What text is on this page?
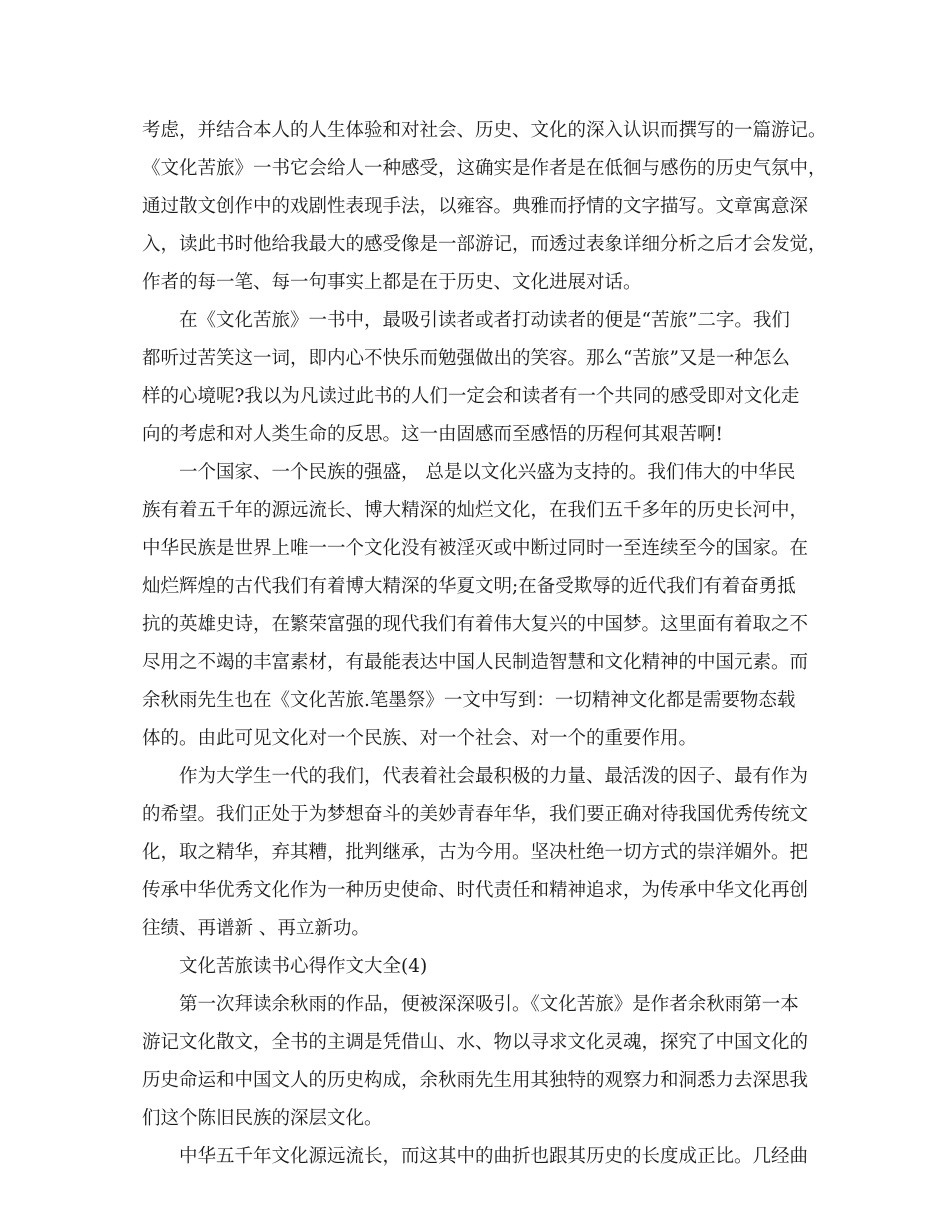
考虑，并结合本人的人生体验和对社会、历史、文化的深入认识而撰写的一篇游记。
《文化苦旅》一书它会给人一种感受，这确实是作者是在低徊与感伤的历史气氛中，
通过散文创作中的戏剧性表现手法，以雍容。典雅而抒情的文字描写。文章寓意深
入，读此书时他给我最大的感受像是一部游记，而透过表象详细分析之后才会发觉，
作者的每一笔、每一句事实上都是在于历史、文化进展对话。
在《文化苦旅》一书中，最吸引读者或者打动读者的便是“苦旅”二字。我们
都听过苦笑这一词，即内心不快乐而勉强做出的笑容。那么“苦旅”又是一种怎么
样的心境呢?我以为凡读过此书的人们一定会和读者有一个共同的感受即对文化走
向的考虑和对人类生命的反思。这一由固感而至感悟的历程何其艰苦啊!
一个国家、一个民族的强盛， 总是以文化兴盛为支持的。我们伟大的中华民
族有着五千年的源远流长、博大精深的灿烂文化，在我们五千多年的历史长河中，
中华民族是世界上唯一一个文化没有被淫灭或中断过同时一至连续至今的国家。在
灿烂辉煌的古代我们有着博大精深的华夏文明;在备受欺辱的近代我们有着奋勇抵
抗的英雄史诗，在繁荣富强的现代我们有着伟大复兴的中国梦。这里面有着取之不
尽用之不竭的丰富素材，有最能表达中国人民制造智慧和文化精神的中国元素。而
余秋雨先生也在《文化苦旅.笔墨祭》一文中写到：一切精神文化都是需要物态载
体的。由此可见文化对一个民族、对一个社会、对一个的重要作用。
作为大学生一代的我们，代表着社会最积极的力量、最活泼的因子、最有作为
的希望。我们正处于为梦想奋斗的美妙青春年华，我们要正确对待我国优秀传统文
化，取之精华，弃其糟，批判继承，古为今用。坚决杜绝一切方式的崇洋媚外。把
传承中华优秀文化作为一种历史使命、时代责任和精神追求，为传承中华文化再创
往绩、再谱新 、再立新功。
文化苦旅读书心得作文大全(4)
第一次拜读余秋雨的作品，便被深深吸引。《文化苦旅》是作者余秋雨第一本
游记文化散文，全书的主调是凭借山、水、物以寻求文化灵魂，探究了中国文化的
历史命运和中国文人的历史构成，余秋雨先生用其独特的观察力和洞悉力去深思我
们这个陈旧民族的深层文化。
中华五千年文化源远流长，而这其中的曲折也跟其历史的长度成正比。几经曲
